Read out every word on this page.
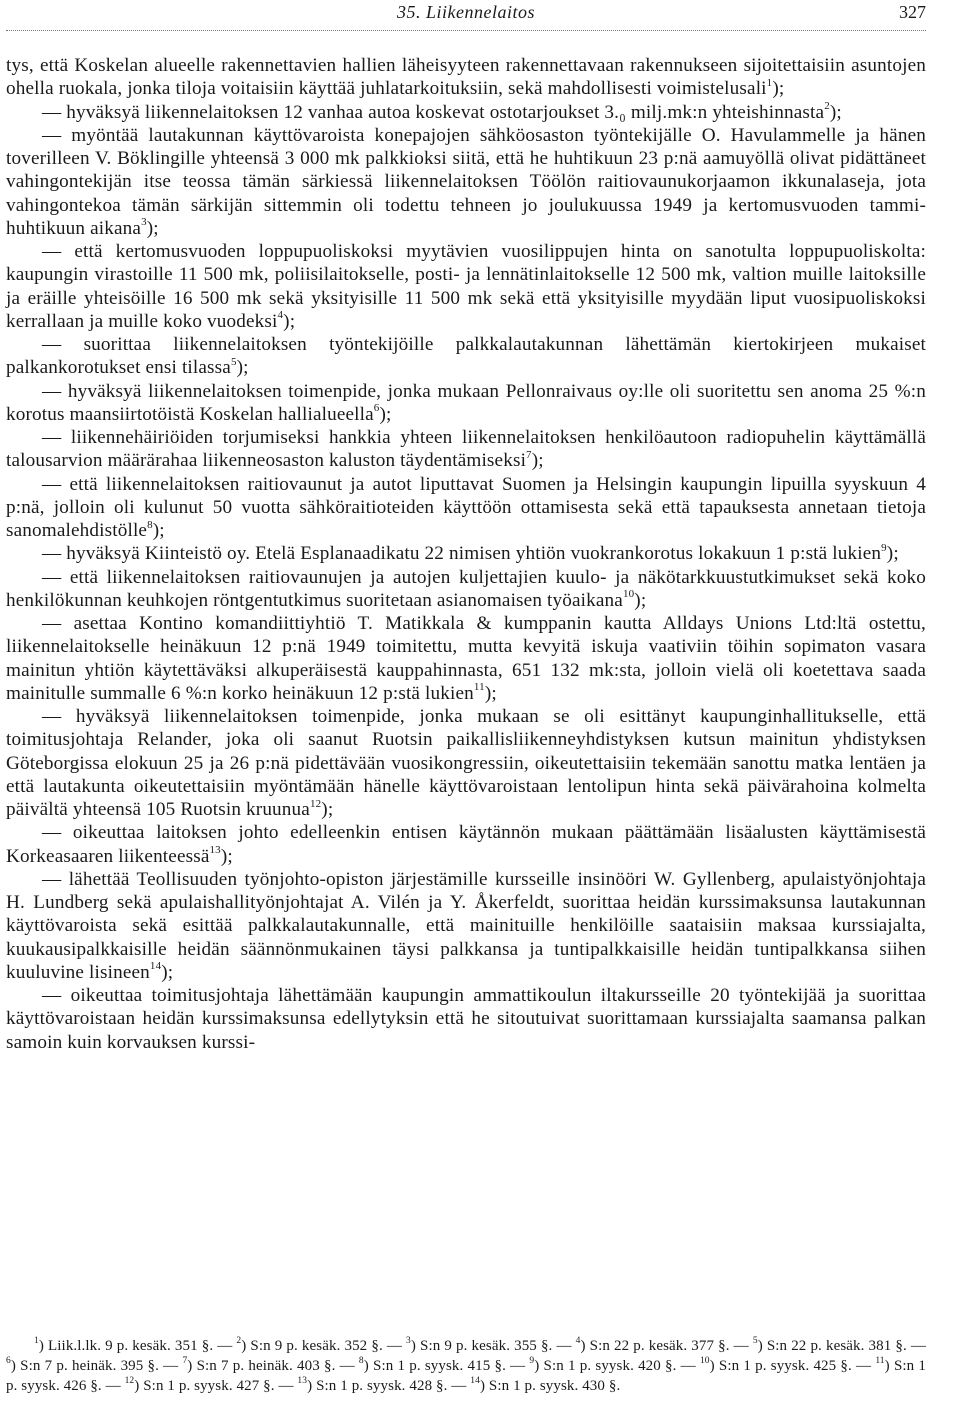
35. Liikennelaitos	327

tys, että Koskelan alueelle rakennettavien hallien läheisyyteen rakennettavaan rakennukseen sijoitettaisiin asuntojen ohella ruokala, jonka tiloja voitaisiin käyttää juhlatarkoituksiin, sekä mahdollisesti voimistelusali$^1$);

— hyväksyä liikennelaitoksen 12 vanhaa autoa koskevat ostotarjoukset 3.₀ milj.mk:n yhteishinnasta$^2$);

— myöntää lautakunnan käyttövaroista konepajojen sähköosaston työntekijälle O. Havulammelle ja hänen toverilleen V. Böklingille yhteensä 3 000 mk palkkioksi siitä, että he huhtikuun 23 p:nä aamuyöllä olivat pidättäneet vahingontekijän itse teossa tämän särkiessä liikennelaitoksen Töölön raitiovaunukorjaamon ikkunalaseja, jota vahingontekoa tämän särkijän sittemmin oli todettu tehneen jo joulukuussa 1949 ja kertomusvuoden tammi-huhtikuun aikana$^3$);

— että kertomusvuoden loppupuoliskoksi myytävien vuosilippujen hinta on sanotulta loppupuoliskolta: kaupungin virastoille 11 500 mk, poliisilaitokselle, posti- ja lennätinlaitokselle 12 500 mk, valtion muille laitoksille ja eräille yhteisöille 16 500 mk sekä yksityisille 11 500 mk sekä että yksityisille myydään liput vuosipuoliskoksi kerrallaan ja muille koko vuodeksi$^4$);

— suorittaa liikennelaitoksen työntekijöille palkkalautakunnan lähettämän kiertokirjeen mukaiset palkankorotukset ensi tilassa$^5$);

— hyväksyä liikennelaitoksen toimenpide, jonka mukaan Pellonraivaus oy:lle oli suoritettu sen anoma 25 %:n korotus maansiirtotöistä Koskelan hallialueella$^6$);

— liikennehäiriöiden torjumiseksi hankkia yhteen liikennelaitoksen henkilöautoon radiopuhelin käyttämällä talousarvion määrärahaa liikenneosaston kaluston täydentämiseksi$^7$);

— että liikennelaitoksen raitiovaunut ja autot liputtavat Suomen ja Helsingin kaupungin lipuilla syyskuun 4 p:nä, jolloin oli kulunut 50 vuotta sähköraitioteiden käyttöön ottamisesta sekä että tapauksesta annetaan tietoja sanomalehdistölle$^8$);

— hyväksyä Kiinteistö oy. Etelä Esplanaadikatu 22 nimisen yhtiön vuokrankorotus lokakuun 1 p:stä lukien$^9$);

— että liikennelaitoksen raitiovaunujen ja autojen kuljettajien kuulo- ja näkötarkkuustutkimukset sekä koko henkilökunnan keuhkojen röntgentutkimus suoritetaan asianomaisen työaikana$^{10}$);

— asettaa Kontino komandiittiyhtiö T. Matikkala & kumppanin kautta Alldays Unions Ltd:ltä ostettu, liikennelaitokselle heinäkuun 12 p:nä 1949 toimitettu, mutta kevyitä iskuja vaativiin töihin sopimaton vasara mainitun yhtiön käytettäväksi alkuperäisestä kauppahinnasta, 651 132 mk:sta, jolloin vielä oli koetettava saada mainitulle summalle 6 %:n korko heinäkuun 12 p:stä lukien$^{11}$);

— hyväksyä liikennelaitoksen toimenpide, jonka mukaan se oli esittänyt kaupunginhallitukselle, että toimitusjohtaja Relander, joka oli saanut Ruotsin paikallisliikenneyhdistyksen kutsun mainitun yhdistyksen Göteborgissa elokuun 25 ja 26 p:nä pidettävään vuosikongressiin, oikeutettaisiin tekemään sanottu matka lentäen ja että lautakunta oikeutettaisiin myöntämään hänelle käyttövaroistaan lentolipun hinta sekä päivärahoina kolmelta päivältä yhteensä 105 Ruotsin kruunua$^{12}$);

— oikeuttaa laitoksen johto edelleenkin entisen käytännön mukaan päättämään lisäalusten käyttämisestä Korkeasaaren liikenteessä$^{13}$);

— lähettää Teollisuuden työnjohto-opiston järjestämille kursseille insinööri W. Gyllenberg, apulaistyönjohtaja H. Lundberg sekä apulaishallityönjohtajat A. Vilén ja Y. Åkerfeldt, suorittaa heidän kurssimaksunsa lautakunnan käyttövaroista sekä esittää palkkalautakunnalle, että mainituille henkilöille saataisiin maksaa kurssiajalta, kuukausipalkkaisille heidän säännönmukainen täysi palkkansa ja tuntipalkkaisille heidän tuntipalkkansa siihen kuuluvine lisineen$^{14}$);

— oikeuttaa toimitusjohtaja lähettämään kaupungin ammattikoulun iltakursseille 20 työntekijää ja suorittaa käyttövaroistaan heidän kurssimaksunsa edellytyksin että he sitoutuivat suorittamaan kurssiajalta saamansa palkan samoin kuin korvauksen kurssi-

$^1$) Liik.l.lk. 9 p. kesäk. 351 §. — $^2$) S:n 9 p. kesäk. 352 §. — $^3$) S:n 9 p. kesäk. 355 §. — $^4$) S:n 22 p. kesäk. 377 §. — $^5$) S:n 22 p. kesäk. 381 §. — $^6$) S:n 7 p. heinäk. 395 §. — $^7$) S:n 7 p. heinäk. 403 §. — $^8$) S:n 1 p. syysk. 415 §. — $^9$) S:n 1 p. syysk. 420 §. — $^{10}$) S:n 1 p. syysk. 425 §. — $^{11}$) S:n 1 p. syysk. 426 §. — $^{12}$) S:n 1 p. syysk. 427 §. — $^{13}$) S:n 1 p. syysk. 428 §. — $^{14}$) S:n 1 p. syysk. 430 §.
